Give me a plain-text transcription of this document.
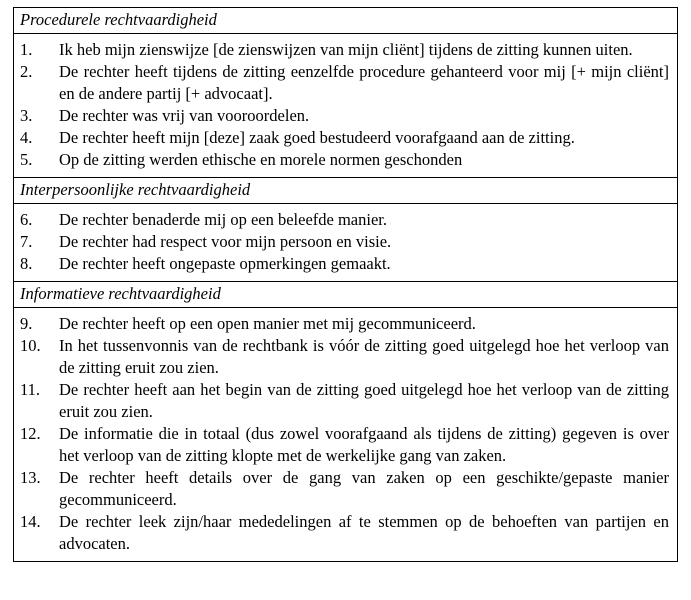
Procedurele rechtvaardigheid
1.	Ik heb mijn zienswijze [de zienswijzen van mijn cliënt] tijdens de zitting kunnen uiten.
2.	De rechter heeft tijdens de zitting eenzelfde procedure gehanteerd voor mij [+ mijn cliënt] en de andere partij [+ advocaat].
3.	De rechter was vrij van vooroordelen.
4.	De rechter heeft mijn [deze] zaak goed bestudeerd voorafgaand aan de zitting.
5.	Op de zitting werden ethische en morele normen geschonden
Interpersoonlijke rechtvaardigheid
6.	De rechter benaderde mij op een beleefde manier.
7.	De rechter had respect voor mijn persoon en visie.
8.	De rechter heeft ongepaste opmerkingen gemaakt.
Informatieve rechtvaardigheid
9.	De rechter heeft op een open manier met mij gecommuniceerd.
10.	In het tussenvonnis van de rechtbank is vóór de zitting goed uitgelegd hoe het verloop van de zitting eruit zou zien.
11.	De rechter heeft aan het begin van de zitting goed uitgelegd hoe het verloop van de zitting eruit zou zien.
12.	De informatie die in totaal (dus zowel voorafgaand als tijdens de zitting) gegeven is over het verloop van de zitting klopte met de werkelijke gang van zaken.
13.	De rechter heeft details over de gang van zaken op een geschikte/gepaste manier gecommuniceerd.
14.	De rechter leek zijn/haar mededelingen af te stemmen op de behoeften van partijen en advocaten.
